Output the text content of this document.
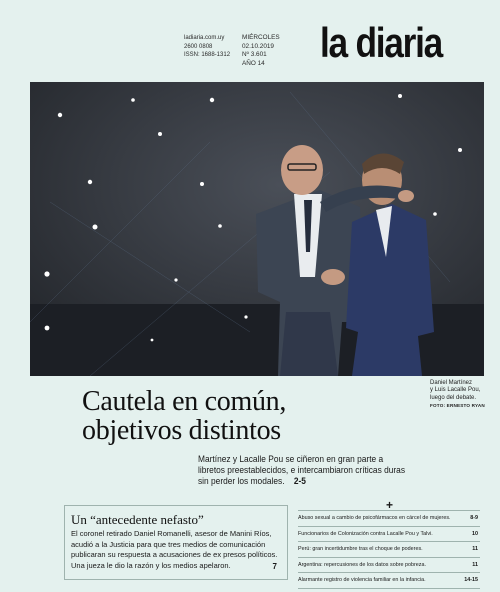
ladiaria.com.uy
2600 0808
ISSN: 1688-1312
MIÉRCOLES
02.10.2019
Nº 3.601
AÑO 14	la diaria
Daniel Martínez
y Luis Lacalle Pou,
luego del debate.
FOTO: ERNESTO RYAN
Cautela en común,
objetivos distintos
Martínez y Lacalle Pou se ciñeron en gran parte a libretos preestablecidos, e intercambiaron críticas duras sin perder los modales. 2-5
Un “antecedente nefasto”
El coronel retirado Daniel Romanelli, asesor de Manini Ríos, acudió a la Justicia para que tres medios de comunicación publicaran su respuesta a acusaciones de ex presos políticos. Una jueza le dio la razón y los medios apelaron.	7
+
Abuso sexual a cambio de psicofármacos en cárcel de mujeres.	8-9
Funcionarios de Colonización contra Lacalle Pou y Talvi.	10
Perú: gran incertidumbre tras el choque de poderes.	11
Argentina: repercusiones de los datos sobre pobreza.	11
Alarmante registro de violencia familiar en la infancia.	14-15
